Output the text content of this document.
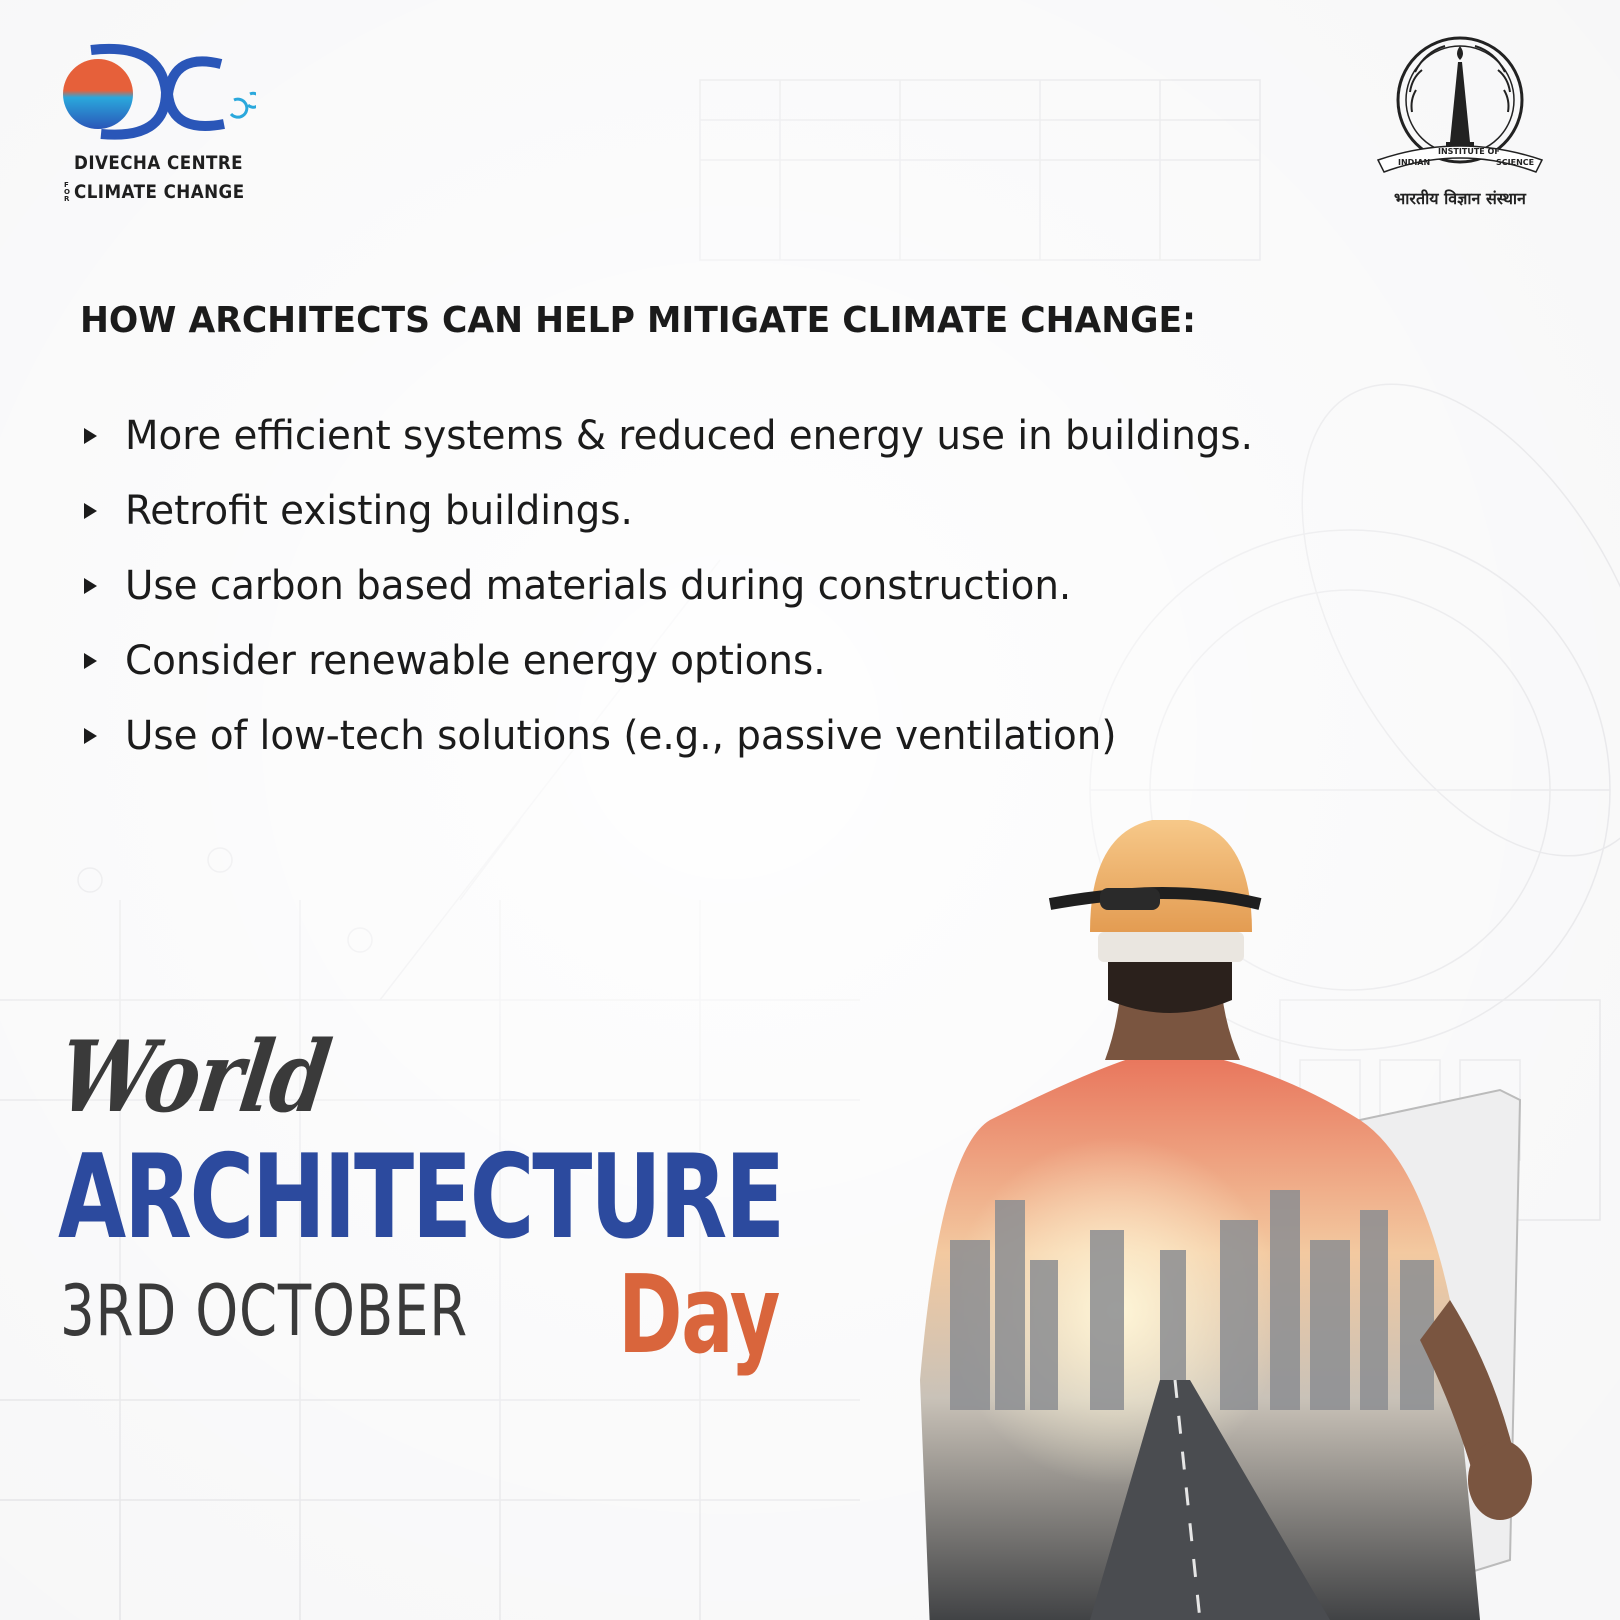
DIVECHA CENTRE
F
O
R CLIMATE CHANGE
INDIAN
INSTITUTE OF
SCIENCE
भारतीय विज्ञान संस्थान
HOW ARCHITECTS CAN HELP MITIGATE CLIMATE CHANGE:
More efficient systems & reduced energy use in buildings.
Retrofit existing buildings.
Use carbon based materials during construction.
Consider renewable energy options.
Use of low-tech solutions (e.g., passive ventilation)
World
ARCHITECTURE
3RD OCTOBER Day
